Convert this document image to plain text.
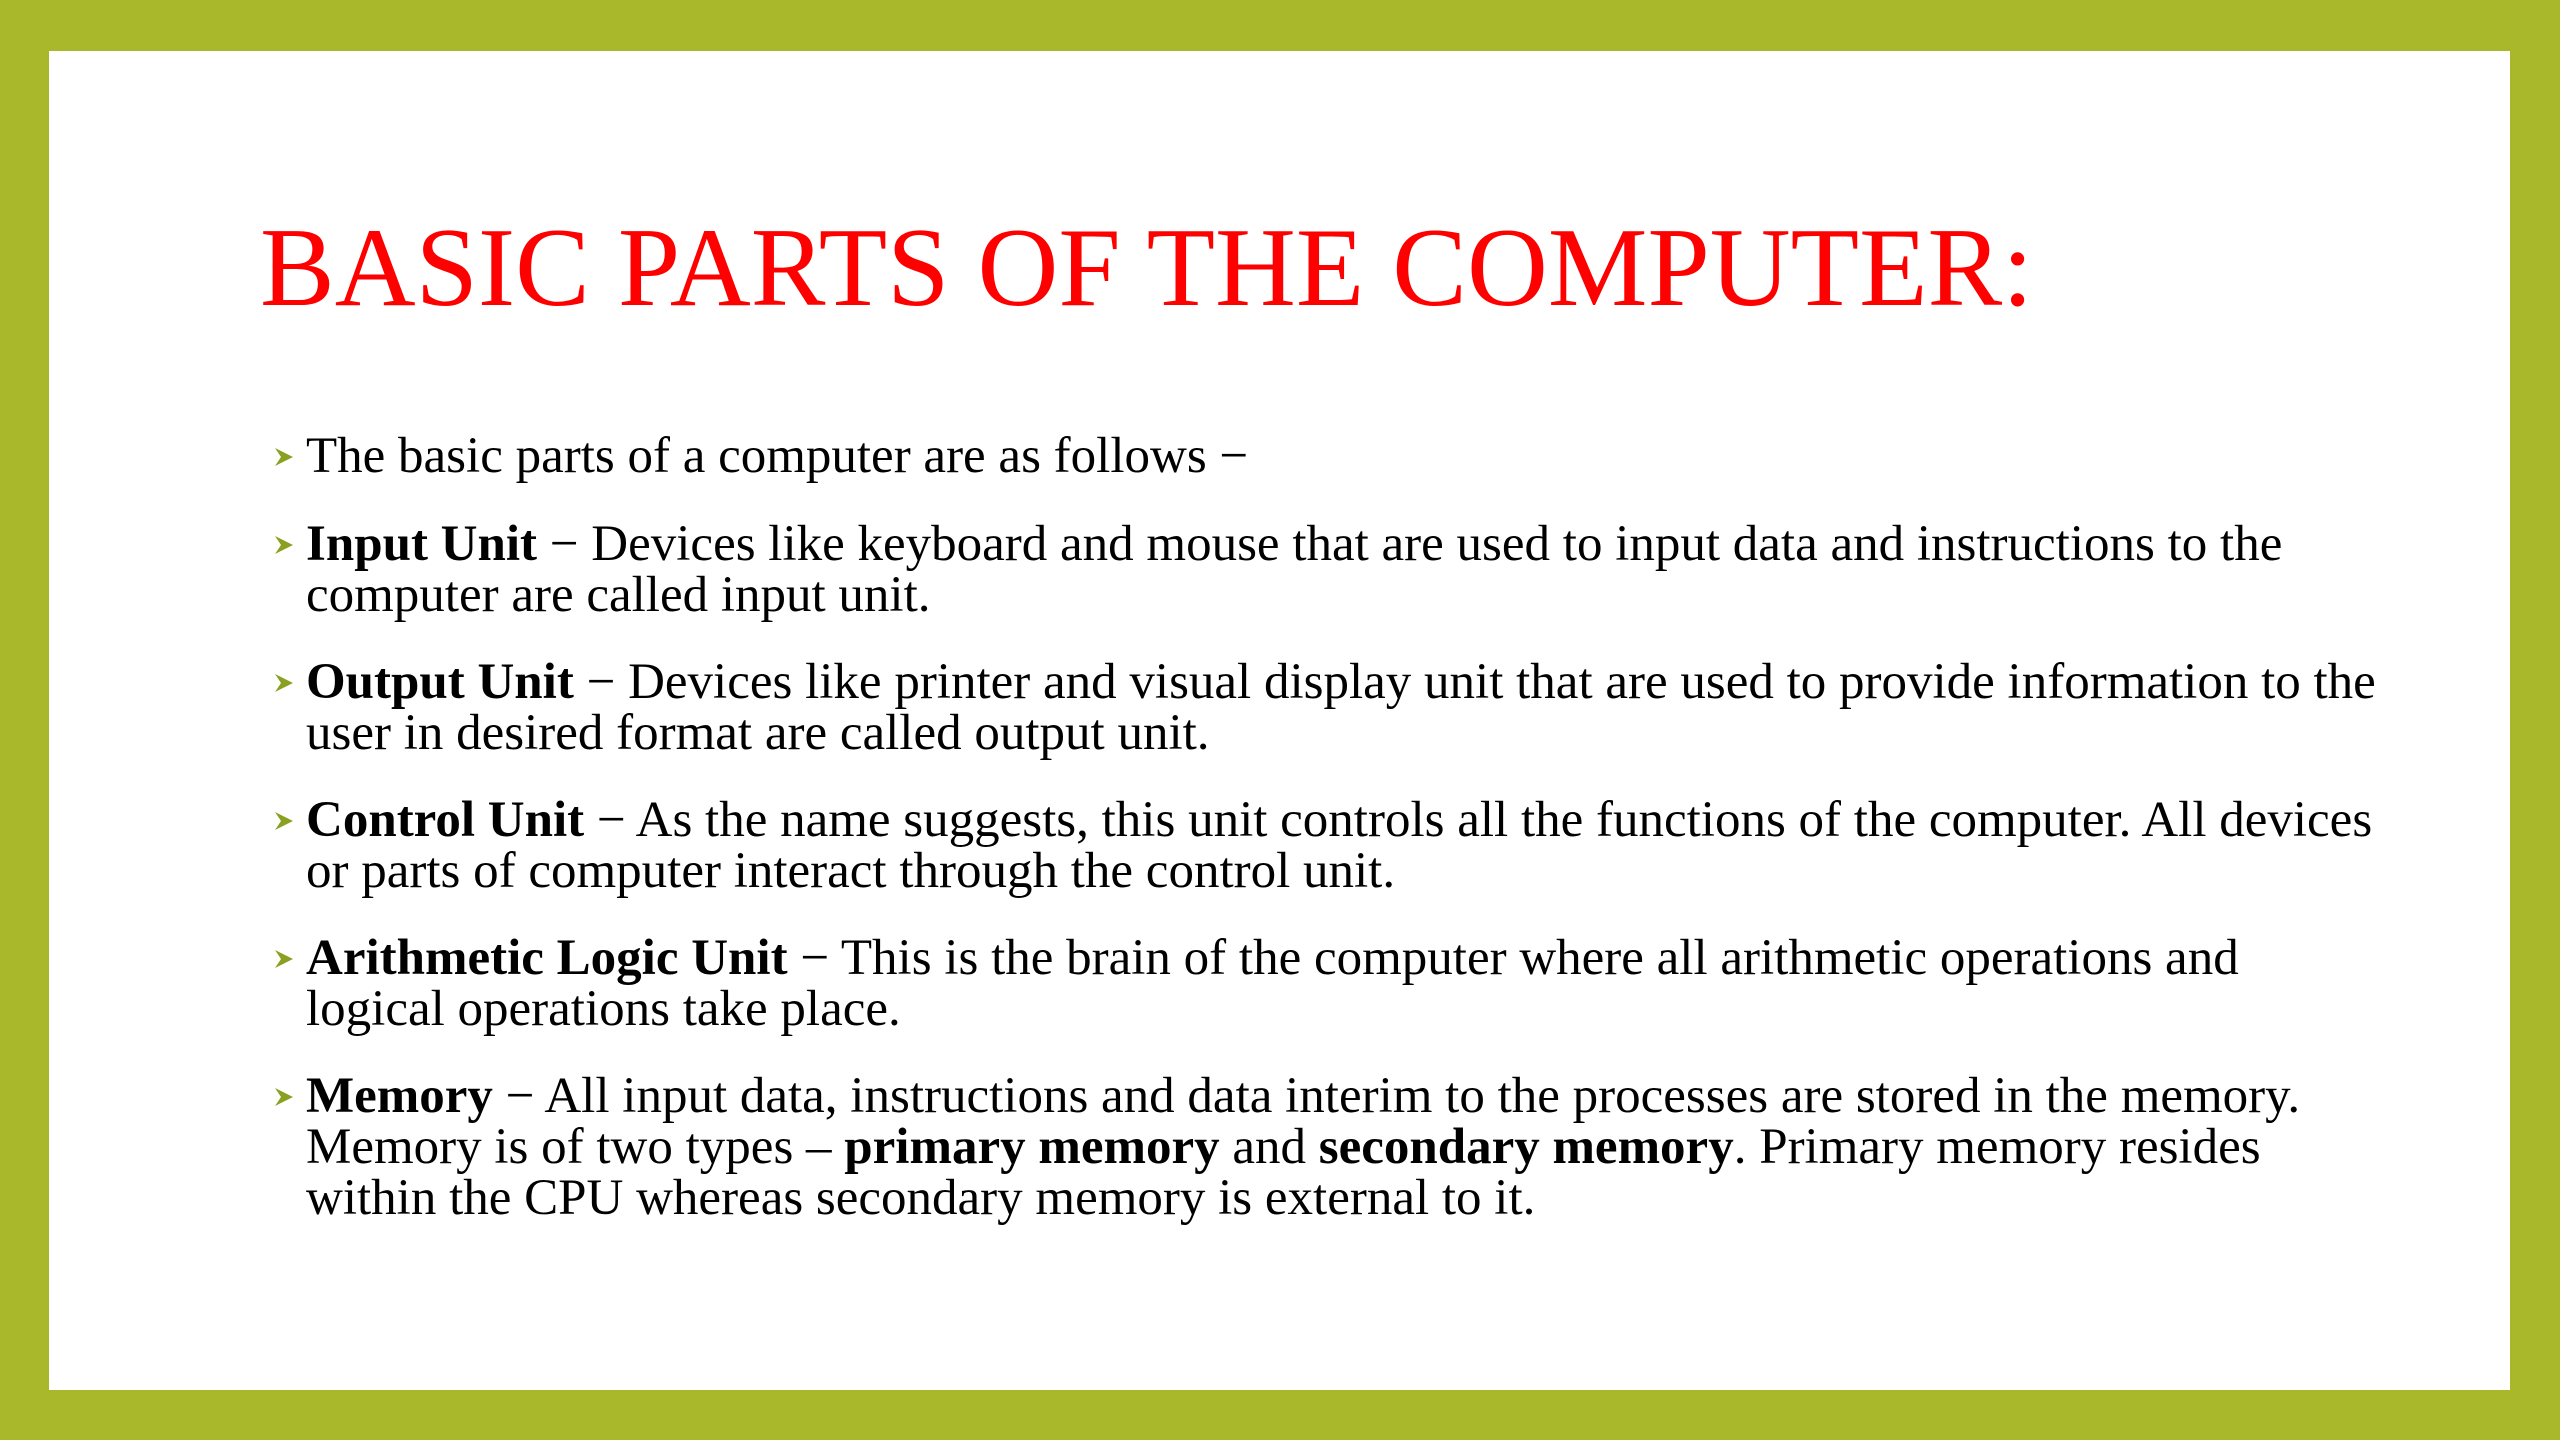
BASIC PARTS OF THE COMPUTER:
The basic parts of a computer are as follows −
Input Unit − Devices like keyboard and mouse that are used to input data and instructions to the computer are called input unit.
Output Unit − Devices like printer and visual display unit that are used to provide information to the user in desired format are called output unit.
Control Unit − As the name suggests, this unit controls all the functions of the computer. All devices or parts of computer interact through the control unit.
Arithmetic Logic Unit − This is the brain of the computer where all arithmetic operations and logical operations take place.
Memory − All input data, instructions and data interim to the processes are stored in the memory. Memory is of two types – primary memory and secondary memory. Primary memory resides within the CPU whereas secondary memory is external to it.
